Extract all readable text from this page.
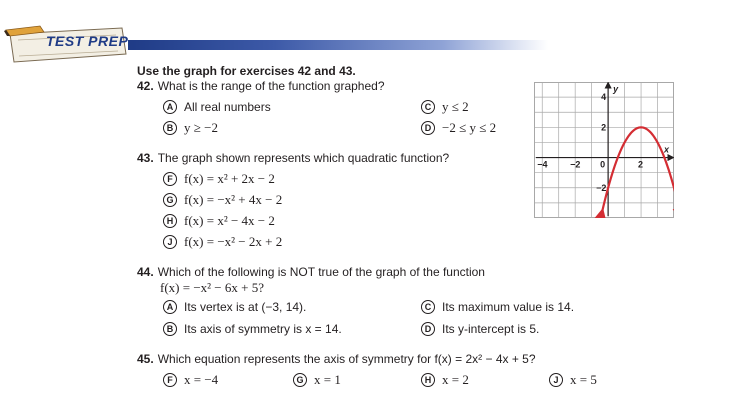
TEST PREP
Use the graph for exercises 42 and 43.
42. What is the range of the function graphed?
A All real numbers
B y ≥ −2
C y ≤ 2
D −2 ≤ y ≤ 2
43. The graph shown represents which quadratic function?
F f(x) = x² + 2x − 2
G f(x) = −x² + 4x − 2
H f(x) = x² − 4x − 2
J f(x) = −x² − 2x + 2
−4	−2 0	2
4
2
−2
x
y
44. Which of the following is NOT true of the graph of the function
f(x) = −x² − 6x + 5?
A Its vertex is at (−3, 14).
B Its axis of symmetry is x = 14.
C Its maximum value is 14.
D Its y-intercept is 5.
45. Which equation represents the axis of symmetry for f(x) = 2x² − 4x + 5?
F x = −4	G x = 1	H x = 2	J x = 5
